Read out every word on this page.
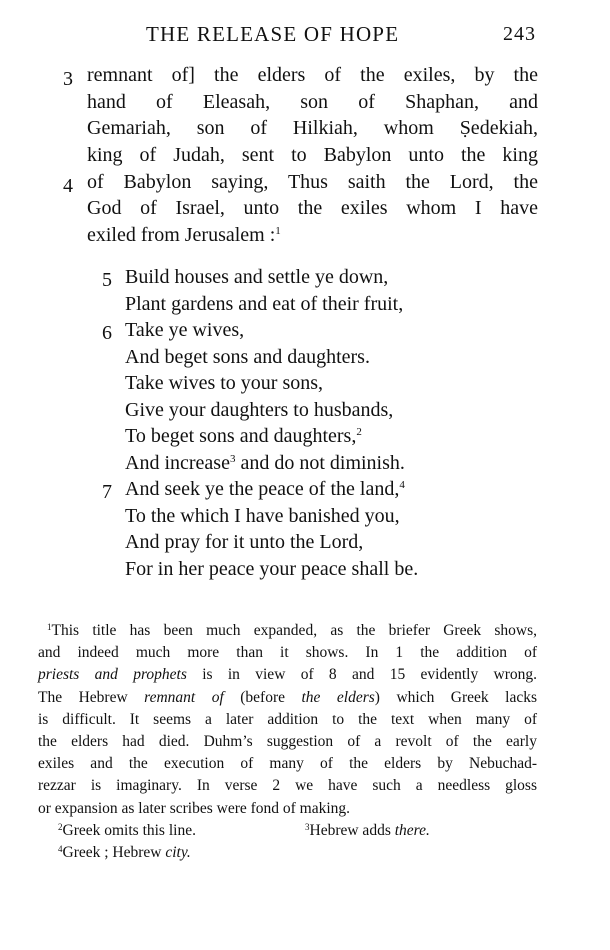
THE RELEASE OF HOPE	243
3 remnant of] the elders of the exiles, by the
hand of Eleasah, son of Shaphan, and
Gemariah, son of Hilkiah, whom Ṣedekiah,
king of Judah, sent to Babylon unto the king
4 of Babylon saying, Thus saith the Lord, the
God of Israel, unto the exiles whom I have
exiled from Jerusalem :$^1$
5 Build houses and settle ye down,
Plant gardens and eat of their fruit,
6 Take ye wives,
And beget sons and daughters.
Take wives to your sons,
Give your daughters to husbands,
To beget sons and daughters,$^2$
And increase$^3$ and do not diminish.
7 And seek ye the peace of the land,$^4$
To the which I have banished you,
And pray for it unto the Lord,
For in her peace your peace shall be.
$^1$This title has been much expanded, as the briefer Greek shows,
and indeed much more than it shows. In 1 the addition of
priests and prophets is in view of 8 and 15 evidently wrong.
The Hebrew remnant of (before the elders) which Greek lacks
is difficult. It seems a later addition to the text when many of
the elders had died. Duhm’s suggestion of a revolt of the early
exiles and the execution of many of the elders by Nebuchad-
rezzar is imaginary. In verse 2 we have such a needless gloss
or expansion as later scribes were fond of making.
$^2$Greek omits this line.	$^3$Hebrew adds there.
$^4$Greek ; Hebrew city.
